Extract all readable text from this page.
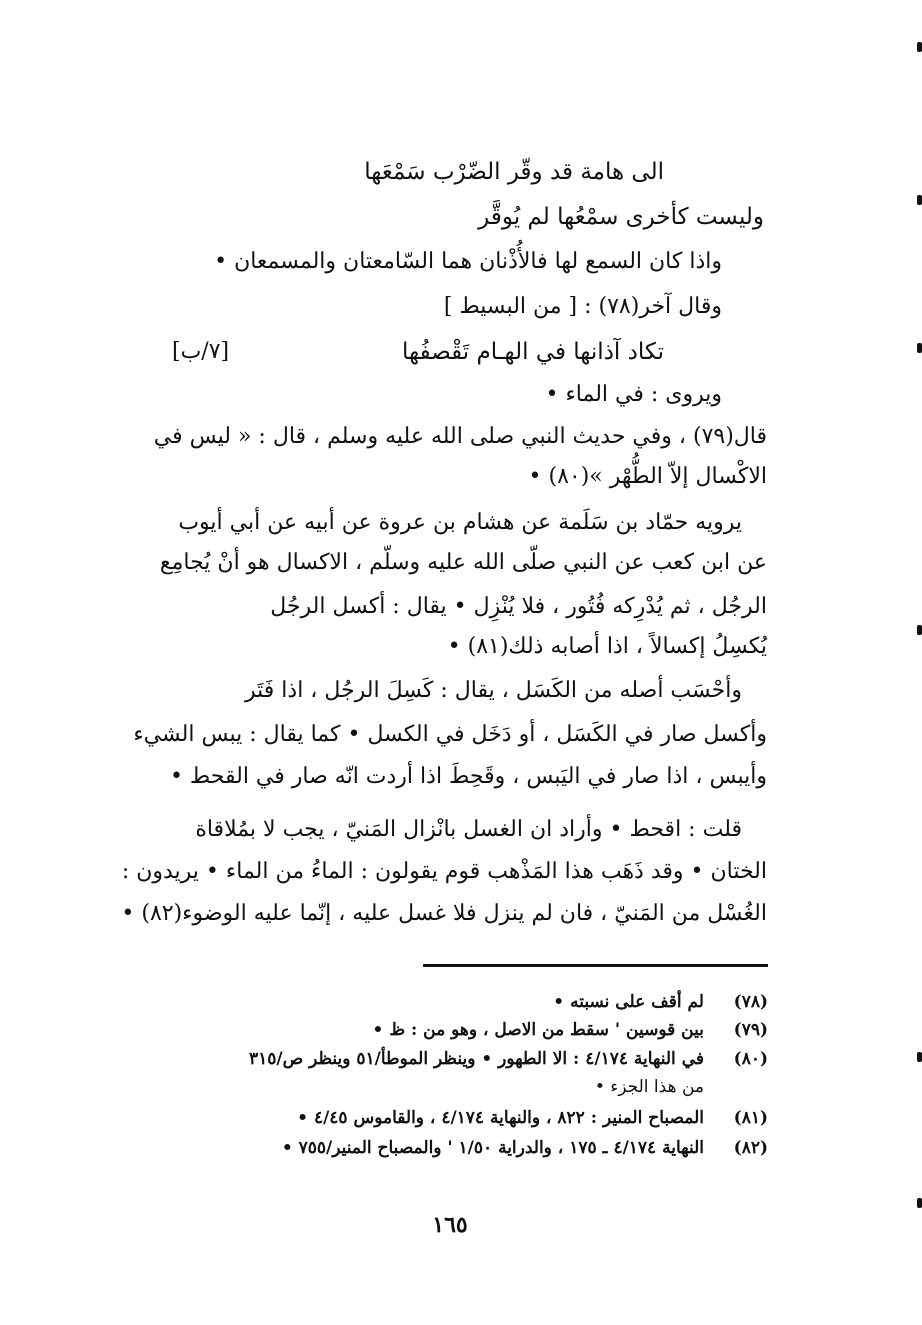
الى هامة قد وقّر الضّرْب سَمْعَها
وليست كأخرى سمْعُها لم يُوقَّر
واذا كان السمع لها فالأُذْنان هما السّامعتان والمسمعان •
وقال آخر(٧٨) : [ من البسيط ]
تكاد آذانها في الهـام تَقْصفُها
[٧/ب]
ويروى : في الماء •
قال(٧٩) ، وفي حديث النبي صلى الله عليه وسلم ، قال : « ليس في
الاكْسال إلاّ الطُّهْر »(٨٠) •
يرويه حمّاد بن سَلَمة عن هشام بن عروة عن أبيه عن أبي أيوب
عن ابن كعب عن النبي صلّى الله عليه وسلّم ، الاكسال هو أنْ يُجامِع
الرجُل ، ثم يُدْرِكه فُتُور ، فلا يُنْزِل • يقال : أكسل الرجُل
يُكسِلُ إكسالاً ، اذا أصابه ذلك(٨١) •
وأحْسَب أصله من الكَسَل ، يقال : كَسِلَ الرجُل ، اذا فَتَر
وأكسل صار في الكَسَل ، أو دَخَل في الكسل • كما يقال : يبس الشيء
وأيبس ، اذا صار في اليَبس ، وقَحِطَ اذا أردت انّه صار في القحط •
قلت : اقحط • وأراد ان الغسل بانْزال المَنيّ ، يجب لا بمُلاقاة
الختان • وقد ذَهَب هذا المَذْهب قوم يقولون : الماءُ من الماء • يريدون :
الغُسْل من المَنيّ ، فان لم ينزل فلا غسل عليه ، إنّما عليه الوضوء(٨٢) •
(٧٨)
لم أقف على نسبته •
(٧٩)
بين قوسين ' سقط من الاصل ، وهو من : ظ •
(٨٠)
في النهاية ٤/١٧٤ : الا الطهور • وينظر الموطأ/٥١ وينظر ص/٣١٥
من هذا الجزء •
(٨١)
المصباح المنير : ٨٢٢ ، والنهاية ٤/١٧٤ ، والقاموس ٤/٤٥ •
(٨٢)
النهاية ٤/١٧٤ ـ ١٧٥ ، والدراية ١/٥٠ ' والمصباح المنير/٧٥٥ •
١٦٥
